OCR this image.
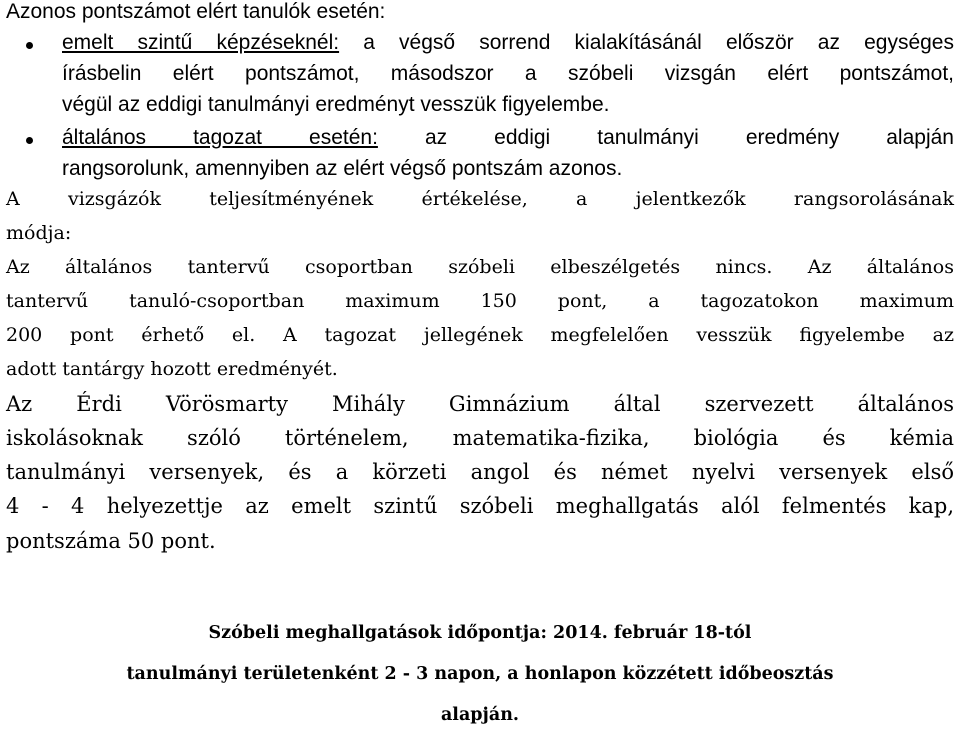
Azonos pontszámot elért tanulók esetén:
emelt szintű képzéseknél: a végső sorrend kialakításánál először az egységes
írásbelin elért pontszámot, másodszor a szóbeli vizsgán elért pontszámot,
végül az eddigi tanulmányi eredményt vesszük figyelembe.
általános tagozat esetén: az eddigi tanulmányi eredmény alapján
rangsorolunk, amennyiben az elért végső pontszám azonos.
A vizsgázók teljesítményének értékelése, a jelentkezők rangsorolásának
módja:
Az általános tantervű csoportban szóbeli elbeszélgetés nincs. Az általános
tantervű tanuló-csoportban maximum 150 pont, a tagozatokon maximum
200 pont érhető el. A tagozat jellegének megfelelően vesszük figyelembe az
adott tantárgy hozott eredményét.
Az Érdi Vörösmarty Mihály Gimnázium által szervezett általános
iskolásoknak szóló történelem, matematika-fizika, biológia és kémia
tanulmányi versenyek, és a körzeti angol és német nyelvi versenyek első
4 - 4 helyezettje az emelt szintű szóbeli meghallgatás alól felmentés kap,
pontszáma 50 pont.
Szóbeli meghallgatások időpontja: 2014. február 18-tól
tanulmányi területenként 2 - 3 napon, a honlapon közzétett időbeosztás
alapján.
